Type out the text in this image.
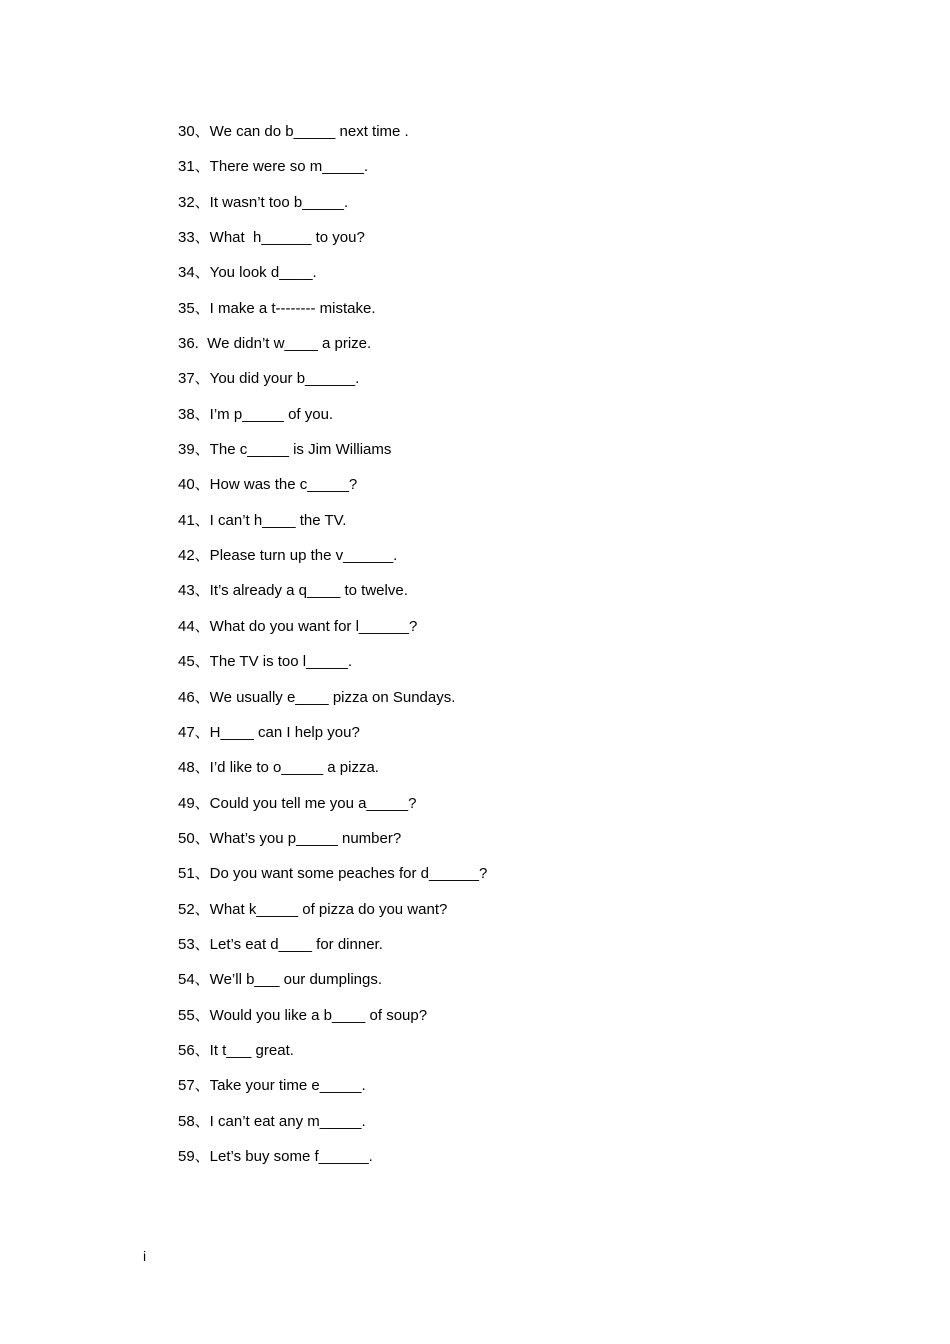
30、We can do b_____ next time .
31、There were so m_____.
32、It wasn’t too b_____.
33、What  h______ to you?
34、You look d____.
35、I make a t-------- mistake.
36.  We didn’t w____ a prize.
37、You did your b______.
38、I’m p_____ of you.
39、The c_____ is Jim Williams
40、How was the c_____?
41、I can’t h____ the TV.
42、Please turn up the v______.
43、It’s already a q____ to twelve.
44、What do you want for l______?
45、The TV is too l_____.
46、We usually e____ pizza on Sundays.
47、H____ can I help you?
48、I’d like to o_____ a pizza.
49、Could you tell me you a_____?
50、What’s you p_____ number?
51、Do you want some peaches for d______?
52、What k_____ of pizza do you want?
53、Let’s eat d____ for dinner.
54、We’ll b___ our dumplings.
55、Would you like a b____ of soup?
56、It t___ great.
57、Take your time e_____.
58、I can’t eat any m_____.
59、Let’s buy some f______.
i
